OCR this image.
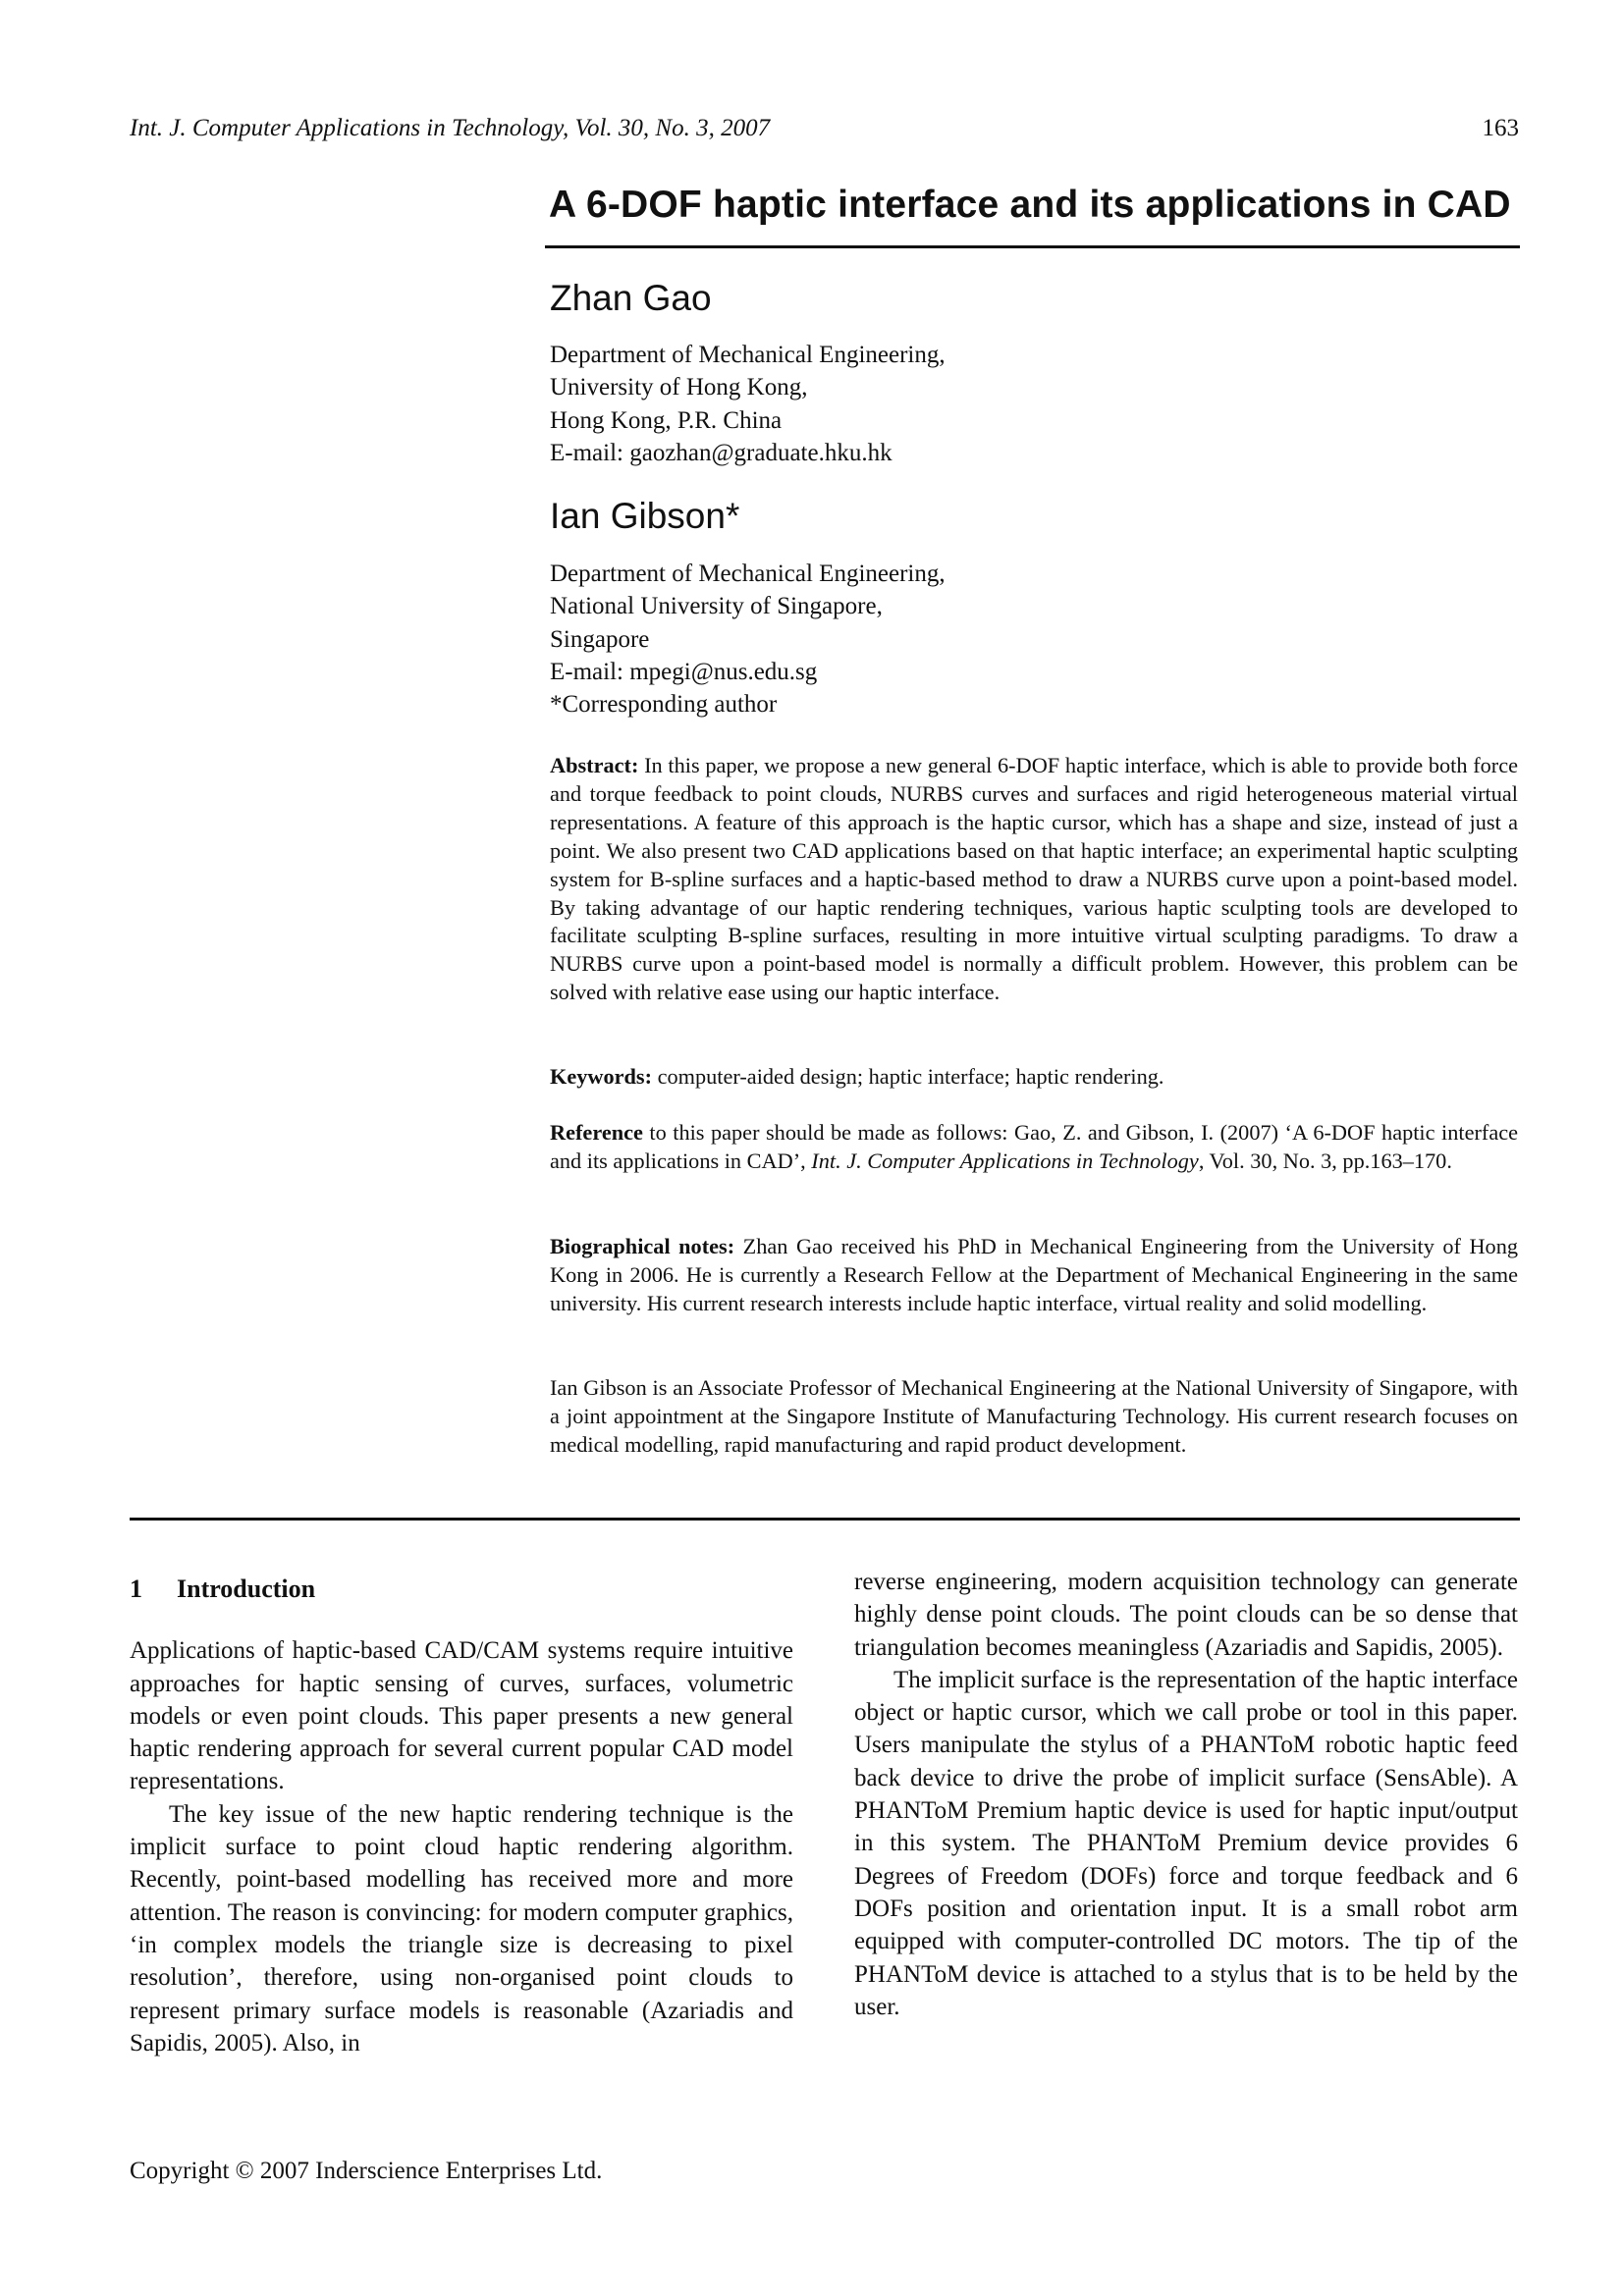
Int. J. Computer Applications in Technology, Vol. 30, No. 3, 2007	163
A 6-DOF haptic interface and its applications in CAD
Zhan Gao
Department of Mechanical Engineering,
University of Hong Kong,
Hong Kong, P.R. China
E-mail: gaozhan@graduate.hku.hk
Ian Gibson*
Department of Mechanical Engineering,
National University of Singapore,
Singapore
E-mail: mpegi@nus.edu.sg
*Corresponding author
Abstract: In this paper, we propose a new general 6-DOF haptic interface, which is able to provide both force and torque feedback to point clouds, NURBS curves and surfaces and rigid heterogeneous material virtual representations. A feature of this approach is the haptic cursor, which has a shape and size, instead of just a point. We also present two CAD applications based on that haptic interface; an experimental haptic sculpting system for B-spline surfaces and a haptic-based method to draw a NURBS curve upon a point-based model. By taking advantage of our haptic rendering techniques, various haptic sculpting tools are developed to facilitate sculpting B-spline surfaces, resulting in more intuitive virtual sculpting paradigms. To draw a NURBS curve upon a point-based model is normally a difficult problem. However, this problem can be solved with relative ease using our haptic interface.
Keywords: computer-aided design; haptic interface; haptic rendering.
Reference to this paper should be made as follows: Gao, Z. and Gibson, I. (2007) ‘A 6-DOF haptic interface and its applications in CAD’, Int. J. Computer Applications in Technology, Vol. 30, No. 3, pp.163–170.
Biographical notes: Zhan Gao received his PhD in Mechanical Engineering from the University of Hong Kong in 2006. He is currently a Research Fellow at the Department of Mechanical Engineering in the same university. His current research interests include haptic interface, virtual reality and solid modelling.
Ian Gibson is an Associate Professor of Mechanical Engineering at the National University of Singapore, with a joint appointment at the Singapore Institute of Manufacturing Technology. His current research focuses on medical modelling, rapid manufacturing and rapid product development.
1 Introduction

Applications of haptic-based CAD/CAM systems require intuitive approaches for haptic sensing of curves, surfaces, volumetric models or even point clouds. This paper presents a new general haptic rendering approach for several current popular CAD model representations.

The key issue of the new haptic rendering technique is the implicit surface to point cloud haptic rendering algorithm. Recently, point-based modelling has received more and more attention. The reason is convincing: for modern computer graphics, ‘in complex models the triangle size is decreasing to pixel resolution’, therefore, using non-organised point clouds to represent primary surface models is reasonable (Azariadis and Sapidis, 2005). Also, in

reverse engineering, modern acquisition technology can generate highly dense point clouds. The point clouds can be so dense that triangulation becomes meaningless (Azariadis and Sapidis, 2005).

The implicit surface is the representation of the haptic interface object or haptic cursor, which we call probe or tool in this paper. Users manipulate the stylus of a PHANToM robotic haptic feed back device to drive the probe of implicit surface (SensAble). A PHANToM Premium haptic device is used for haptic input/output in this system. The PHANToM Premium device provides 6 Degrees of Freedom (DOFs) force and torque feedback and 6 DOFs position and orientation input. It is a small robot arm equipped with computer-controlled DC motors. The tip of the PHANToM device is attached to a stylus that is to be held by the user.

Copyright © 2007 Inderscience Enterprises Ltd.
